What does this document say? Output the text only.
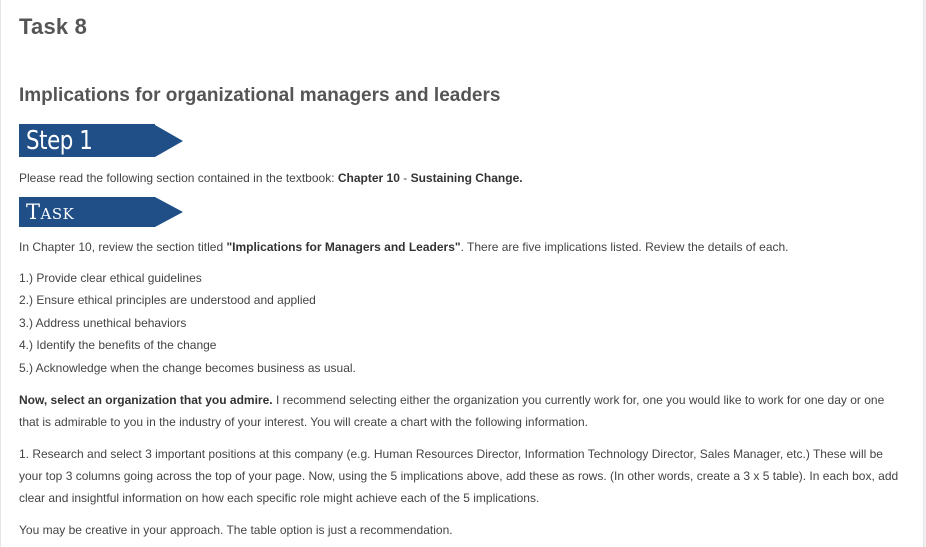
Task 8
Implications for organizational managers and leaders
Step 1

Please read the following section contained in the textbook: Chapter 10 - Sustaining Change.

Task

In Chapter 10, review the section titled "Implications for Managers and Leaders". There are five implications listed. Review the details of each.

1.) Provide clear ethical guidelines
2.) Ensure ethical principles are understood and applied
3.) Address unethical behaviors
4.) Identify the benefits of the change
5.) Acknowledge when the change becomes business as usual.

Now, select an organization that you admire. I recommend selecting either the organization you currently work for, one you would like to work for one day or one that is admirable to you in the industry of your interest. You will create a chart with the following information.

1. Research and select 3 important positions at this company (e.g. Human Resources Director, Information Technology Director, Sales Manager, etc.) These will be your top 3 columns going across the top of your page. Now, using the 5 implications above, add these as rows. (In other words, create a 3 x 5 table). In each box, add clear and insightful information on how each specific role might achieve each of the 5 implications.

You may be creative in your approach. The table option is just a recommendation.
